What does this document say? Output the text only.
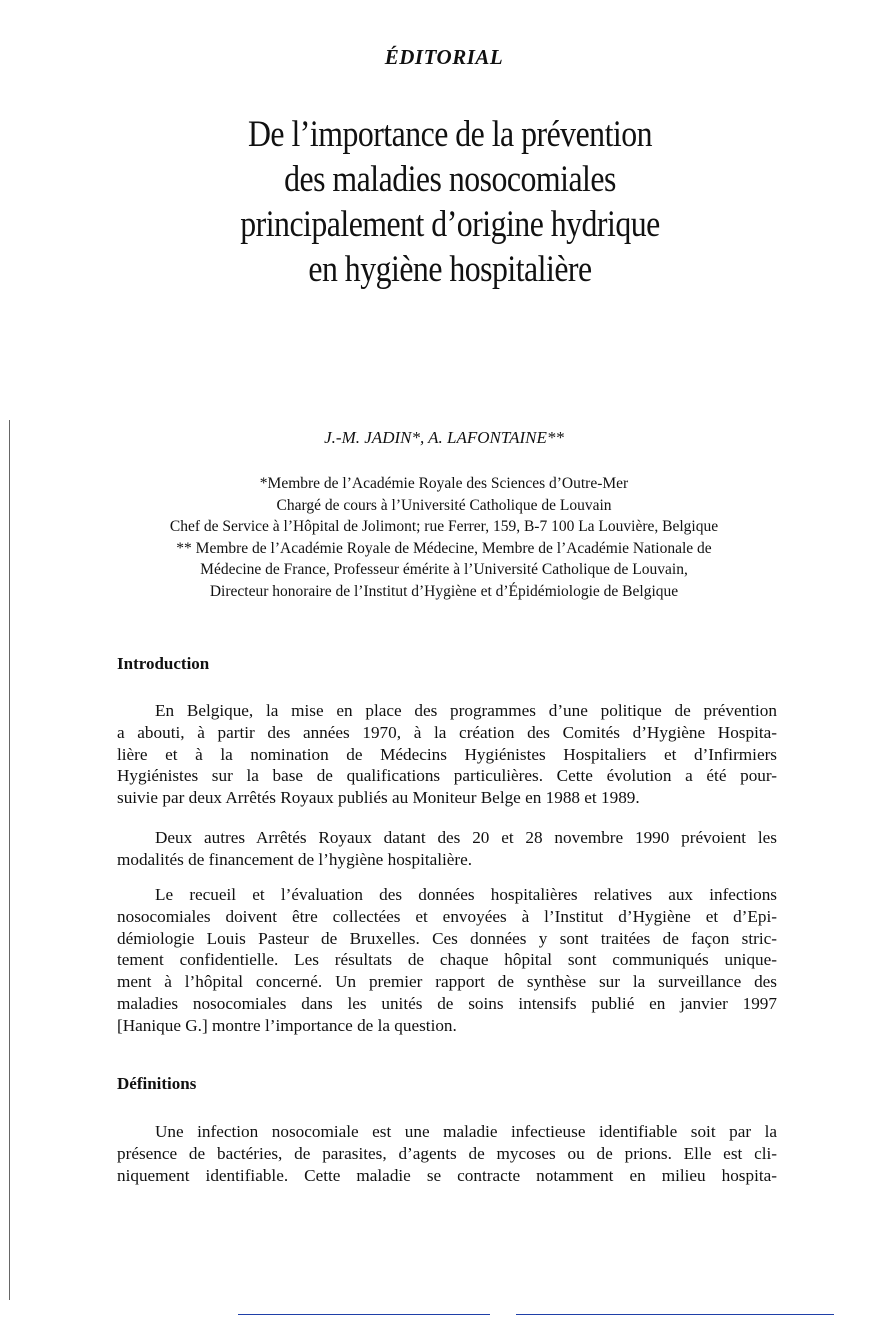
ÉDITORIAL
De l’importance de la prévention
des maladies nosocomiales
principalement d’origine hydrique
en hygiène hospitalière
J.-M. JADIN*, A. LAFONTAINE**
*Membre de l’Académie Royale des Sciences d’Outre-Mer
Chargé de cours à l’Université Catholique de Louvain
Chef de Service à l’Hôpital de Jolimont; rue Ferrer, 159, B-7 100 La Louvière, Belgique
** Membre de l’Académie Royale de Médecine, Membre de l’Académie Nationale de
Médecine de France, Professeur émérite à l’Université Catholique de Louvain,
Directeur honoraire de l’Institut d’Hygiène et d’Épidémiologie de Belgique
Introduction
En Belgique, la mise en place des programmes d’une politique de prévention
a abouti, à partir des années 1970, à la création des Comités d’Hygiène Hospita-
lière et à la nomination de Médecins Hygiénistes Hospitaliers et d’Infirmiers
Hygiénistes sur la base de qualifications particulières. Cette évolution a été pour-
suivie par deux Arrêtés Royaux publiés au Moniteur Belge en 1988 et 1989.
Deux autres Arrêtés Royaux datant des 20 et 28 novembre 1990 prévoient les
modalités de financement de l’hygiène hospitalière.
Le recueil et l’évaluation des données hospitalières relatives aux infections
nosocomiales doivent être collectées et envoyées à l’Institut d’Hygiène et d’Epi-
démiologie Louis Pasteur de Bruxelles. Ces données y sont traitées de façon stric-
tement confidentielle. Les résultats de chaque hôpital sont communiqués unique-
ment à l’hôpital concerné. Un premier rapport de synthèse sur la surveillance des
maladies nosocomiales dans les unités de soins intensifs publié en janvier 1997
[Hanique G.] montre l’importance de la question.
Définitions
Une infection nosocomiale est une maladie infectieuse identifiable soit par la
présence de bactéries, de parasites, d’agents de mycoses ou de prions. Elle est cli-
niquement identifiable. Cette maladie se contracte notamment en milieu hospita-
